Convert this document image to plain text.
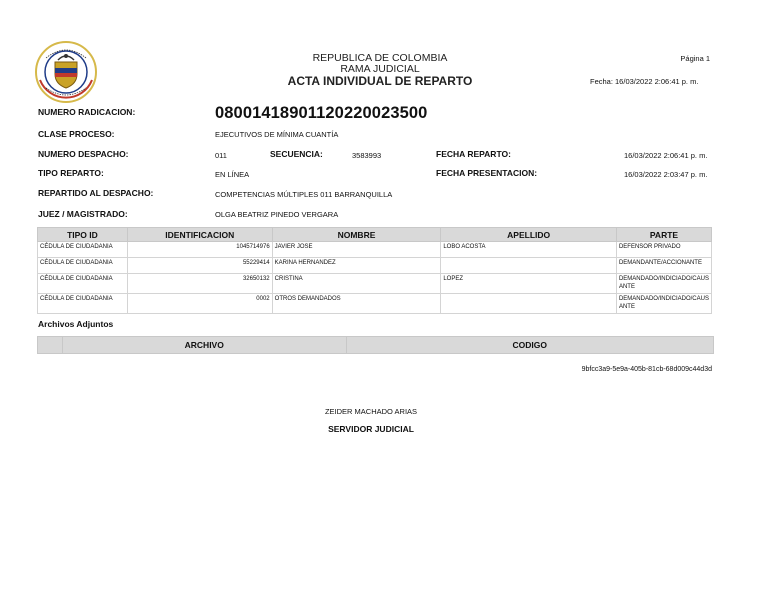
REPUBLICA DE COLOMBIA
RAMA JUDICIAL
ACTA INDIVIDUAL DE REPARTO
Página 1
Fecha: 16/03/2022 2:06:41 p. m.
NUMERO RADICACION:	08001418901120220023500
CLASE PROCESO:	EJECUTIVOS DE MÍNIMA CUANTÍA
NUMERO DESPACHO:	011	SECUENCIA:	3583993	FECHA REPARTO:	16/03/2022 2:06:41 p. m.
TIPO REPARTO:	EN LÍNEA	FECHA PRESENTACION:	16/03/2022 2:03:47 p. m.
REPARTIDO AL DESPACHO:	COMPETENCIAS MÚLTIPLES 011 BARRANQUILLA
JUEZ / MAGISTRADO:	OLGA BEATRIZ PINEDO VERGARA
TIPO ID	IDENTIFICACION	NOMBRE	APELLIDO	PARTE
CÉDULA DE CIUDADANIA	1045714976	JAVIER JOSE	LOBO ACOSTA	DEFENSOR PRIVADO
CÉDULA DE CIUDADANIA	55229414	KARINA HERNANDEZ		DEMANDANTE/ACCIONANTE
CÉDULA DE CIUDADANIA	32650132	CRISTINA	LOPEZ	DEMANDADO/INDICIADO/CAUSANTE
CÉDULA DE CIUDADANIA	0002	OTROS DEMANDADOS		DEMANDADO/INDICIADO/CAUSANTE
Archivos Adjuntos
	ARCHIVO	CODIGO
9bfcc3a9-5e9a-405b-81cb-68d009c44d3d
ZEIDER MACHADO ARIAS
SERVIDOR JUDICIAL
